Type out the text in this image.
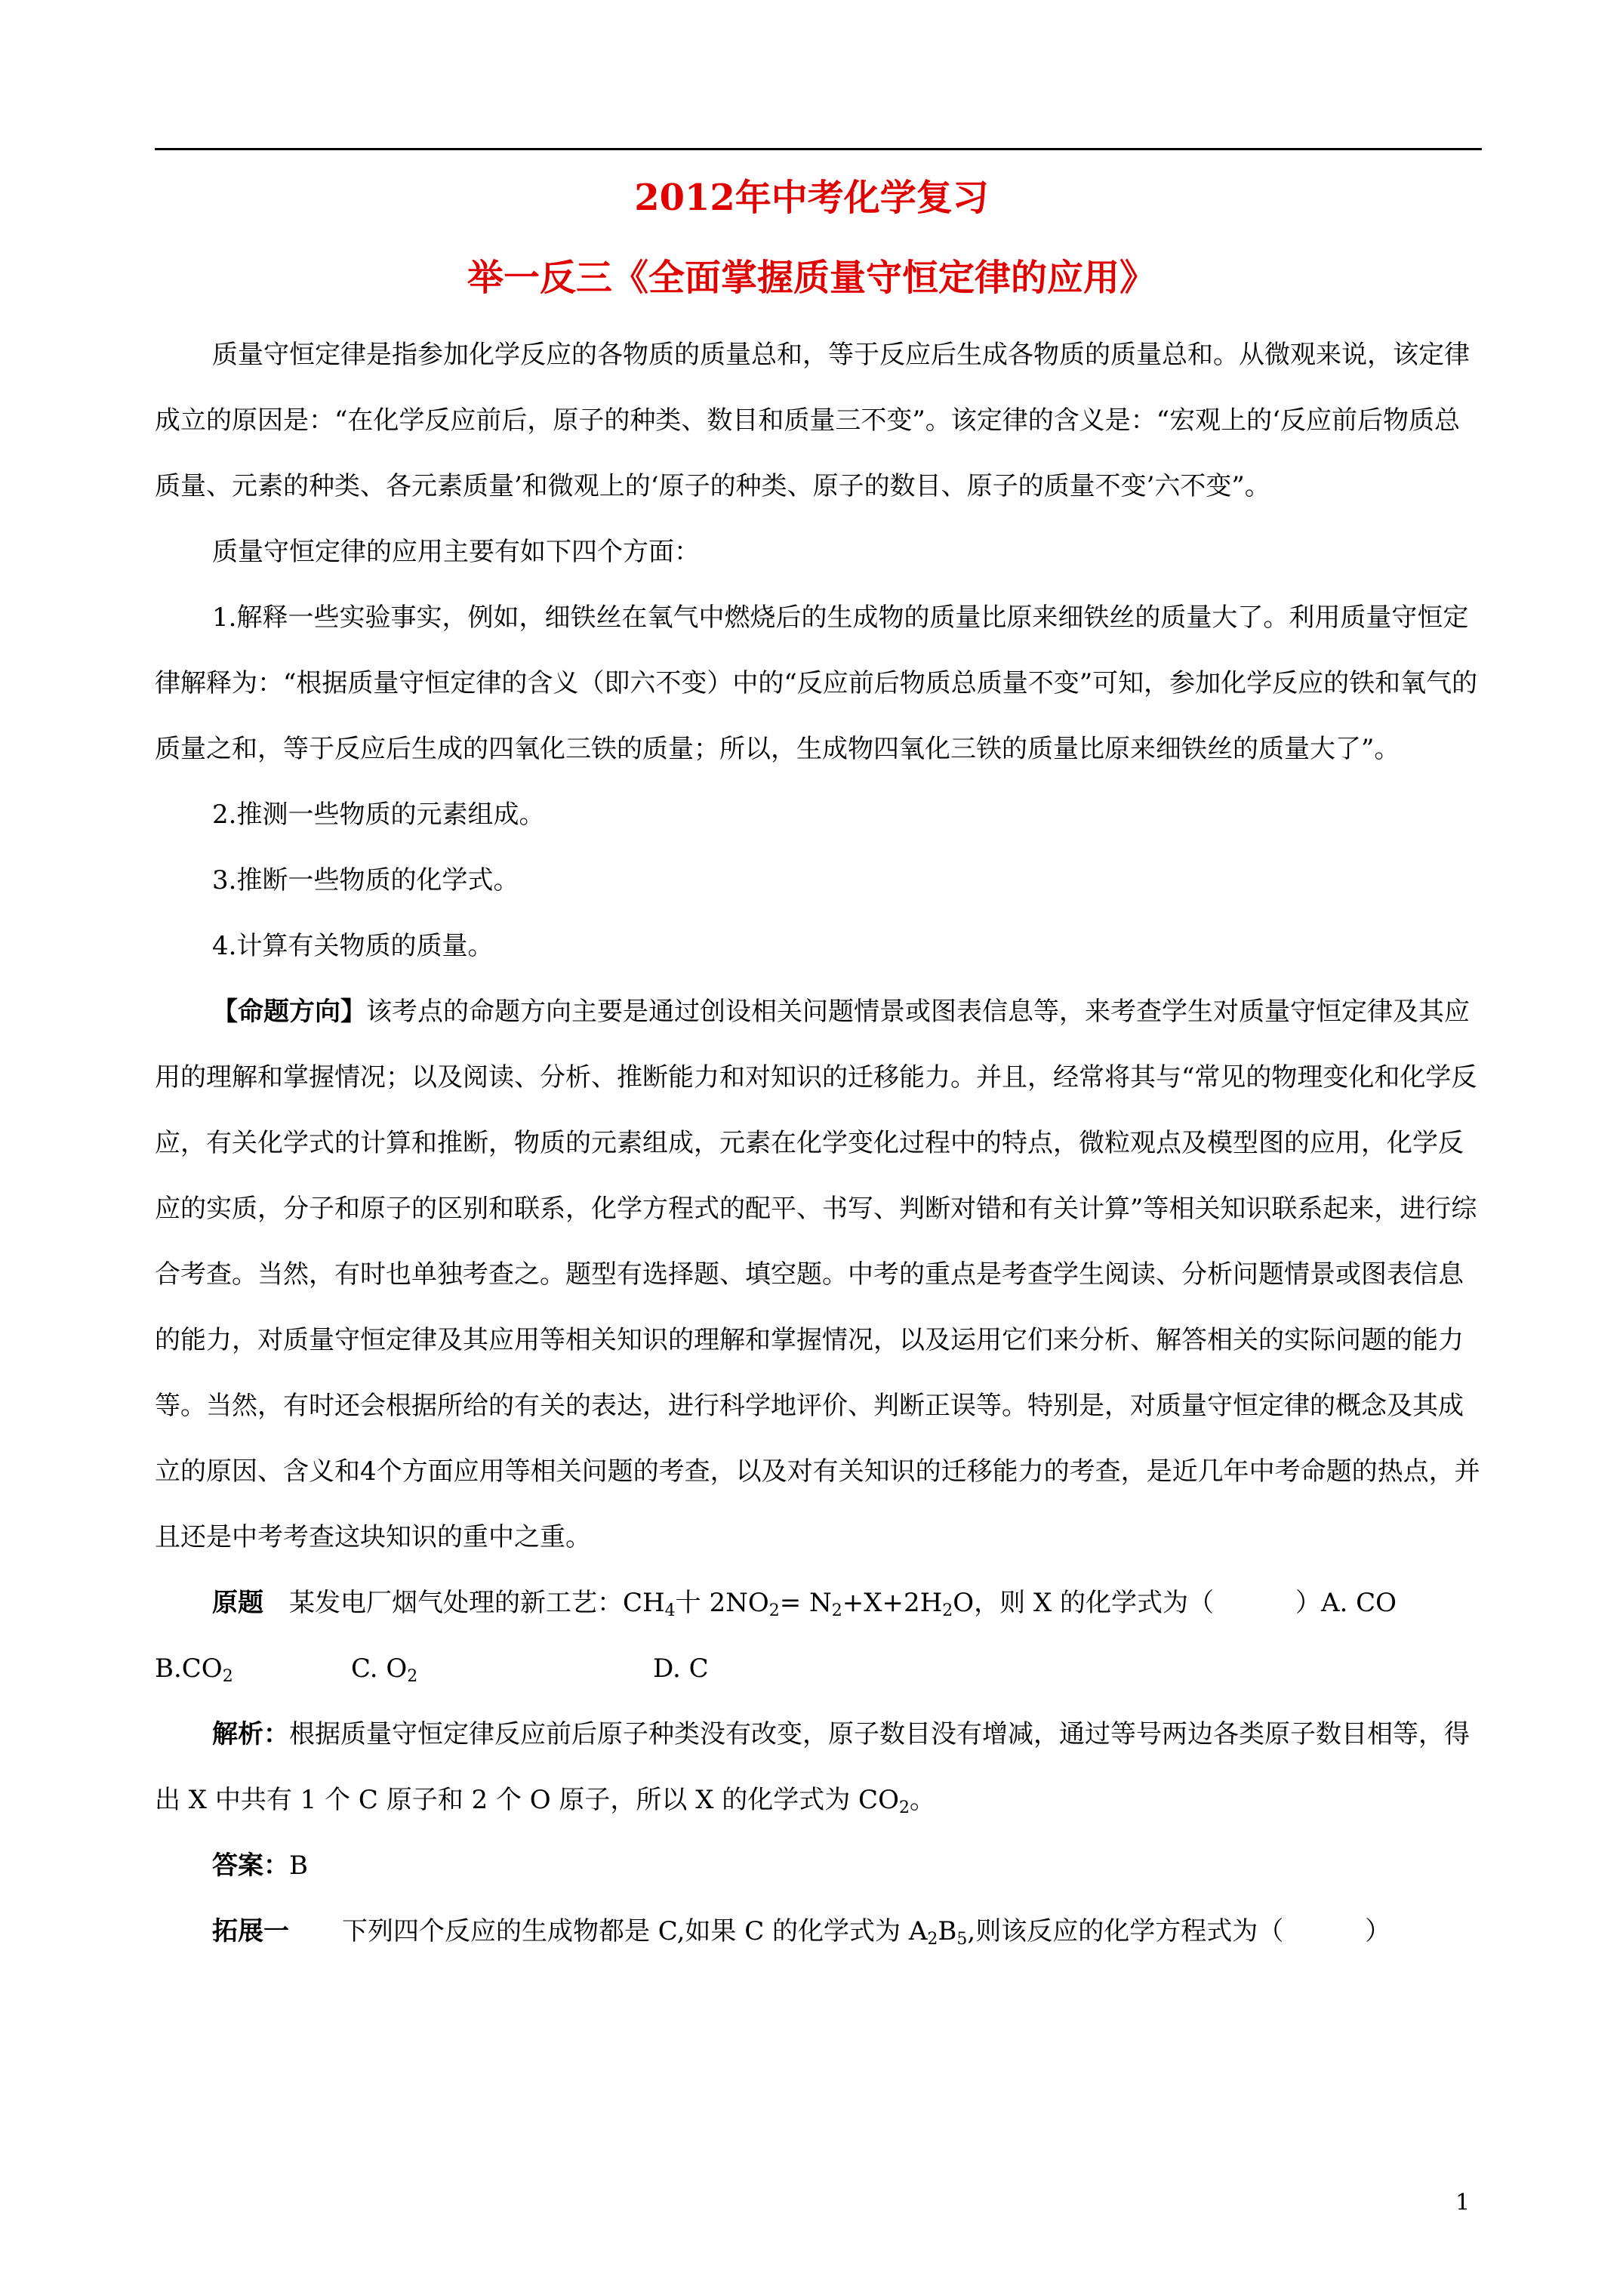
2012年中考化学复习
举一反三《全面掌握质量守恒定律的应用》

质量守恒定律是指参加化学反应的各物质的质量总和，等于反应后生成各物质的质量总和。从微观来说，该定律成立的原因是：“在化学反应前后，原子的种类、数目和质量三不变”。该定律的含义是：“宏观上的‘反应前后物质总质量、元素的种类、各元素质量’和微观上的‘原子的种类、原子的数目、原子的质量不变’六不变”。

质量守恒定律的应用主要有如下四个方面：

1.解释一些实验事实，例如，细铁丝在氧气中燃烧后的生成物的质量比原来细铁丝的质量大了。利用质量守恒定律解释为：“根据质量守恒定律的含义（即六不变）中的“反应前后物质总质量不变”可知，参加化学反应的铁和氧气的质量之和，等于反应后生成的四氧化三铁的质量；所以，生成物四氧化三铁的质量比原来细铁丝的质量大了”。

2.推测一些物质的元素组成。

3.推断一些物质的化学式。

4.计算有关物质的质量。

【命题方向】该考点的命题方向主要是通过创设相关问题情景或图表信息等，来考查学生对质量守恒定律及其应用的理解和掌握情况；以及阅读、分析、推断能力和对知识的迁移能力。并且，经常将其与“常见的物理变化和化学反应，有关化学式的计算和推断，物质的元素组成，元素在化学变化过程中的特点，微粒观点及模型图的应用，化学反应的实质，分子和原子的区别和联系，化学方程式的配平、书写、判断对错和有关计算”等相关知识联系起来，进行综合考查。当然，有时也单独考查之。题型有选择题、填空题。中考的重点是考查学生阅读、分析问题情景或图表信息的能力，对质量守恒定律及其应用等相关知识的理解和掌握情况，以及运用它们来分析、解答相关的实际问题的能力等。当然，有时还会根据所给的有关的表达，进行科学地评价、判断正误等。特别是，对质量守恒定律的概念及其成立的原因、含义和4个方面应用等相关问题的考查，以及对有关知识的迁移能力的考查，是近几年中考命题的热点，并且还是中考考查这块知识的重中之重。

原题 某发电厂烟气处理的新工艺：$CH_4$十 $2NO_2= N_2+X+2H_2O$，则 X 的化学式为（	）A. CO
$B.CO_2$	C. $O_2$	D. C

解析：根据质量守恒定律反应前后原子种类没有改变，原子数目没有增减，通过等号两边各类原子数目相等，得出 X 中共有 1 个 C 原子和 2 个 O 原子，所以 X 的化学式为 $CO_2$。

答案：B

拓展一 下列四个反应的生成物都是 C,如果 C 的化学式为 $A_2B_5$,则该反应的化学方程式为（	）

1
